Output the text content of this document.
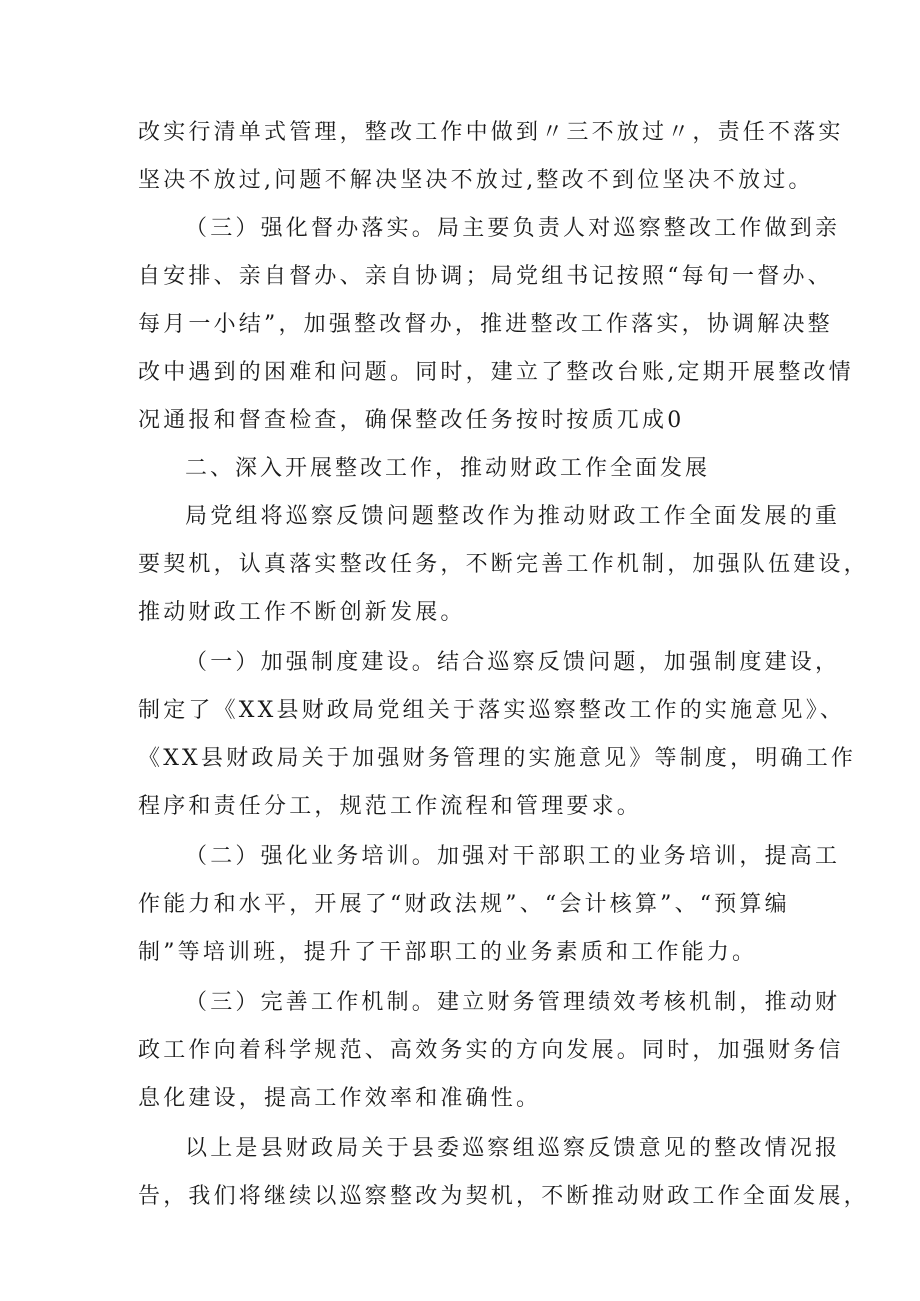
改实行清单式管理，整改工作中做到〃三不放过〃，责任不落实

坚决不放过,问题不解决坚决不放过,整改不到位坚决不放过。

（三）强化督办落实。局主要负责人对巡察整改工作做到亲

自安排、亲自督办、亲自协调；局党组书记按照“每旬一督办、

每月一小结”，加强整改督办，推进整改工作落实，协调解决整

改中遇到的困难和问题。同时，建立了整改台账,定期开展整改情

况通报和督查检查，确保整改任务按时按质兀成0

二、深入开展整改工作，推动财政工作全面发展

局党组将巡察反馈问题整改作为推动财政工作全面发展的重

要契机，认真落实整改任务，不断完善工作机制，加强队伍建设，

推动财政工作不断创新发展。

（一）加强制度建设。结合巡察反馈问题，加强制度建设，

制定了《XX县财政局党组关于落实巡察整改工作的实施意见》、

《XX县财政局关于加强财务管理的实施意见》等制度，明确工作

程序和责任分工，规范工作流程和管理要求。

（二）强化业务培训。加强对干部职工的业务培训，提高工

作能力和水平，开展了“财政法规”、“会计核算”、“预算编

制”等培训班，提升了干部职工的业务素质和工作能力。

（三）完善工作机制。建立财务管理绩效考核机制，推动财

政工作向着科学规范、高效务实的方向发展。同时，加强财务信

息化建设，提高工作效率和准确性。

以上是县财政局关于县委巡察组巡察反馈意见的整改情况报

告，我们将继续以巡察整改为契机，不断推动财政工作全面发展，
